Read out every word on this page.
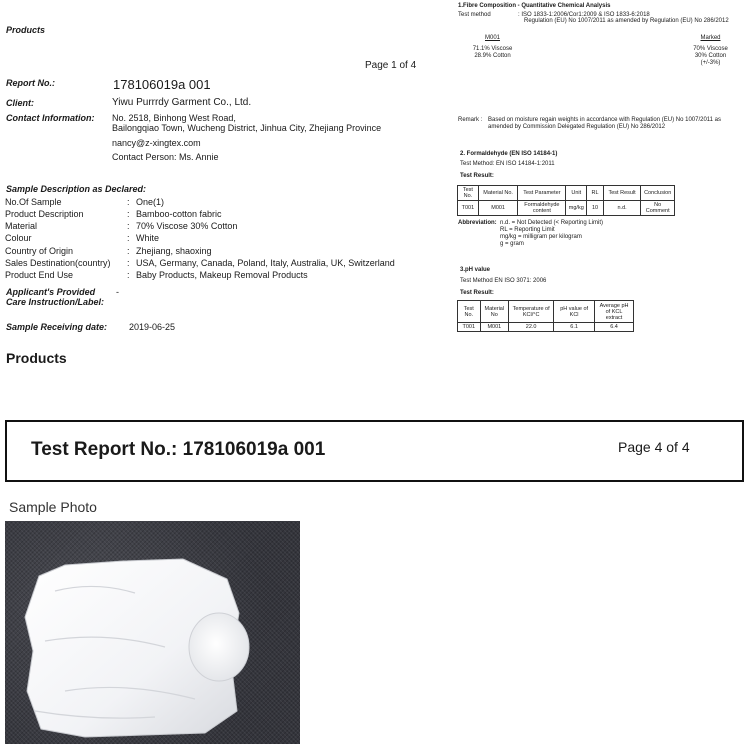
Products
Page 1 of 4
Report No.:	178106019a 001
Client:	Yiwu Purrrdy Garment Co., Ltd.
Contact Information: No. 2518, Binhong West Road,
Bailongqiao Town, Wucheng District, Jinhua City, Zhejiang Province
nancy@z-xingtex.com
Contact Person: Ms. Annie
Sample Description as Declared:
No.Of Sample	: One(1)
Product Description	: Bamboo-cotton fabric
Material	: 70% Viscose 30% Cotton
Colour	: White
Country of Origin	: Zhejiang, shaoxing
Sales Destination(country) : USA, Germany, Canada, Poland, Italy, Australia, UK, Switzerland
Product End Use	: Baby Products, Makeup Removal Products
Applicant's Provided
Care Instruction/Label:
-
Sample Receiving date: 2019-06-25
Products
1.Fibre Composition - Quantitative Chemical Analysis
Test method	: ISO 1833-1:2006/Cor1:2009 & ISO 1833-6:2018
Regulation (EU) No 1007/2011 as amended by Regulation (EU) No 286/2012
M001
71.1% Viscose
28.9% Cotton
Marked
70% Viscose
30% Cotton
(+/-3%)
Remark : Based on moisture regain weights in accordance with Regulation (EU) No 1007/2011 as
amended by Commission Delegated Regulation (EU) No 286/2012
2. Formaldehyde (EN ISO 14184-1)
Test Method: EN ISO 14184-1:2011
Test Result:
Test No.	Material No.	Test Parameter	Unit	RL	Test Result	Conclusion
T001	M001	Formaldehyde content	mg/kg	10	n.d.	No Comment
Abbreviation: n.d. = Not Detected (< Reporting Limit)
RL = Reporting Limit
mg/kg = milligram per kilogram
g = gram
3.pH value
Test Method EN ISO 3071: 2006
Test Result:
Test No.	Material No	Temperature of KCl/°C	pH value of KCl	Average pH of KCL extract
T001	M001	22.0	6.1	6.4
Test Report No.: 178106019a 001	Page 4 of 4
Sample Photo
